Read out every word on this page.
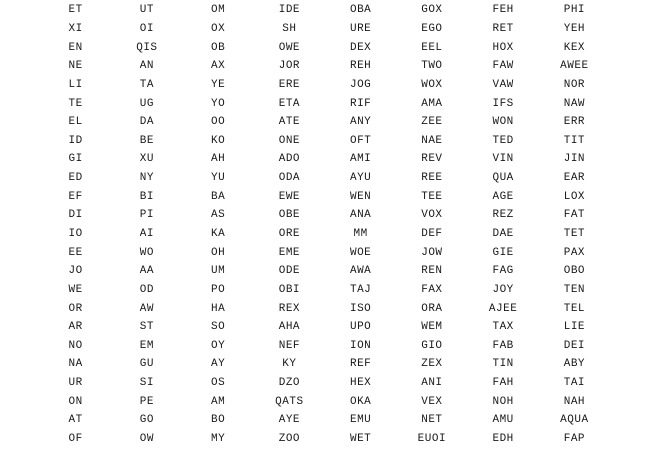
ET	UT	OM	IDE	OBA	GOX	FEH	PHI
XI	OI	OX	SH	URE	EGO	RET	YEH
EN	QIS	OB	OWE	DEX	EEL	HOX	KEX
NE	AN	AX	JOR	REH	TWO	FAW	AWEE
LI	TA	YE	ERE	JOG	WOX	VAW	NOR
TE	UG	YO	ETA	RIF	AMA	IFS	NAW
EL	DA	OO	ATE	ANY	ZEE	WON	ERR
ID	BE	KO	ONE	OFT	NAE	TED	TIT
GI	XU	AH	ADO	AMI	REV	VIN	JIN
ED	NY	YU	ODA	AYU	REE	QUA	EAR
EF	BI	BA	EWE	WEN	TEE	AGE	LOX
DI	PI	AS	OBE	ANA	VOX	REZ	FAT
IO	AI	KA	ORE	MM	DEF	DAE	TET
EE	WO	OH	EME	WOE	JOW	GIE	PAX
JO	AA	UM	ODE	AWA	REN	FAG	OBO
WE	OD	PO	OBI	TAJ	FAX	JOY	TEN
OR	AW	HA	REX	ISO	ORA	AJEE	TEL
AR	ST	SO	AHA	UPO	WEM	TAX	LIE
NO	EM	OY	NEF	ION	GIO	FAB	DEI
NA	GU	AY	KY	REF	ZEX	TIN	ABY
UR	SI	OS	DZO	HEX	ANI	FAH	TAI
ON	PE	AM	QATS	OKA	VEX	NOH	NAH
AT	GO	BO	AYE	EMU	NET	AMU	AQUA
OF	OW	MY	ZOO	WET	EUOI	EDH	FAP
